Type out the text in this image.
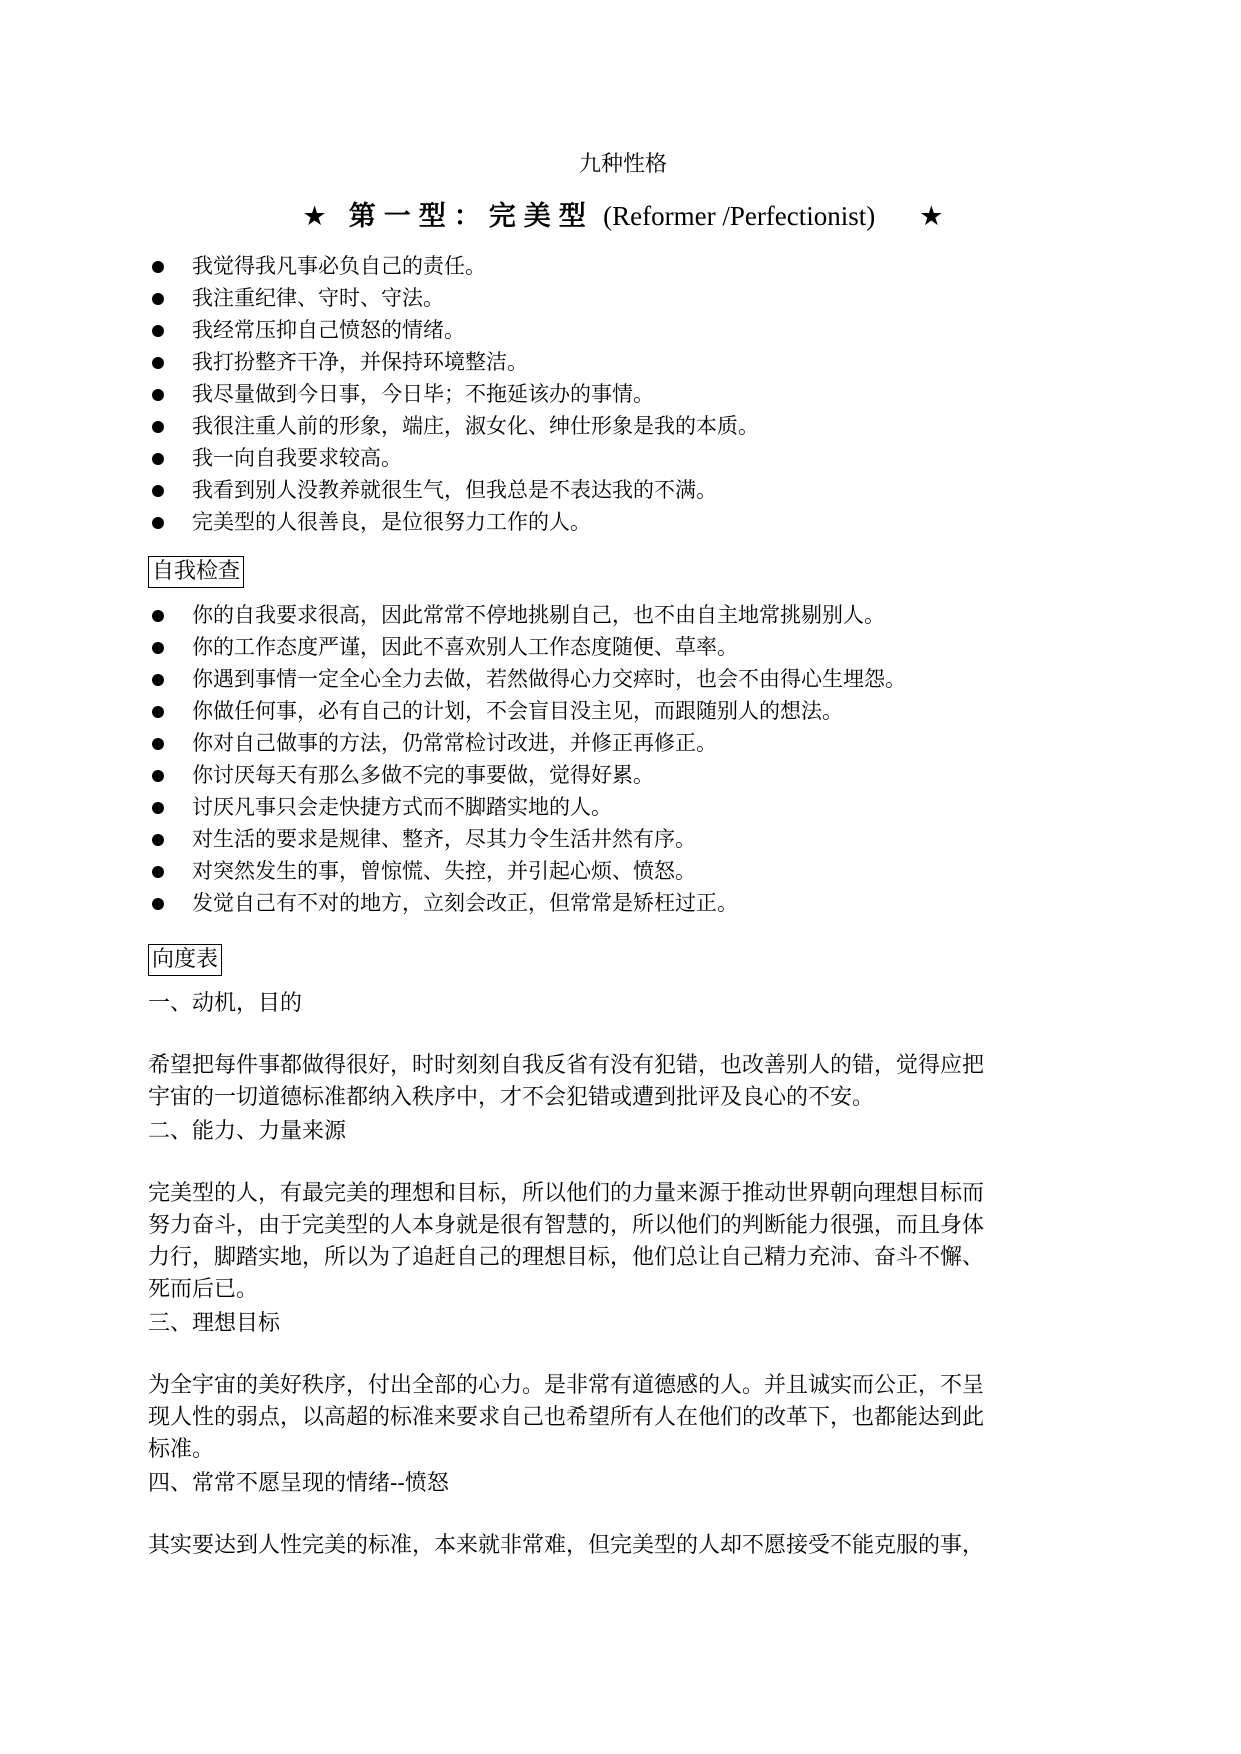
九种性格
★ 第一型：完美型 (Reformer /Perfectionist) ★
我觉得我凡事必负自己的责任。
我注重纪律、守时、守法。
我经常压抑自己愤怒的情绪。
我打扮整齐干净，并保持环境整洁。
我尽量做到今日事，今日毕；不拖延该办的事情。
我很注重人前的形象，端庄，淑女化、绅仕形象是我的本质。
我一向自我要求较高。
我看到别人没教养就很生气，但我总是不表达我的不满。
完美型的人很善良，是位很努力工作的人。
自我检查
你的自我要求很高，因此常常不停地挑剔自己，也不由自主地常挑剔别人。
你的工作态度严谨，因此不喜欢别人工作态度随便、草率。
你遇到事情一定全心全力去做，若然做得心力交瘁时，也会不由得心生埋怨。
你做任何事，必有自己的计划，不会盲目没主见，而跟随别人的想法。
你对自己做事的方法，仍常常检讨改进，并修正再修正。
你讨厌每天有那么多做不完的事要做，觉得好累。
讨厌凡事只会走快捷方式而不脚踏实地的人。
对生活的要求是规律、整齐，尽其力令生活井然有序。
对突然发生的事，曾惊慌、失控，并引起心烦、愤怒。
发觉自己有不对的地方，立刻会改正，但常常是矫枉过正。
向度表
一、动机，目的
希望把每件事都做得很好，时时刻刻自我反省有没有犯错，也改善别人的错，觉得应把
宇宙的一切道德标准都纳入秩序中，才不会犯错或遭到批评及良心的不安。
二、能力、力量来源
完美型的人，有最完美的理想和目标，所以他们的力量来源于推动世界朝向理想目标而
努力奋斗，由于完美型的人本身就是很有智慧的，所以他们的判断能力很强，而且身体
力行，脚踏实地，所以为了追赶自己的理想目标，他们总让自己精力充沛、奋斗不懈、
死而后已。
三、理想目标
为全宇宙的美好秩序，付出全部的心力。是非常有道德感的人。并且诚实而公正，不呈
现人性的弱点，以高超的标准来要求自己也希望所有人在他们的改革下，也都能达到此
标准。
四、常常不愿呈现的情绪--愤怒
其实要达到人性完美的标准，本来就非常难，但完美型的人却不愿接受不能克服的事，
